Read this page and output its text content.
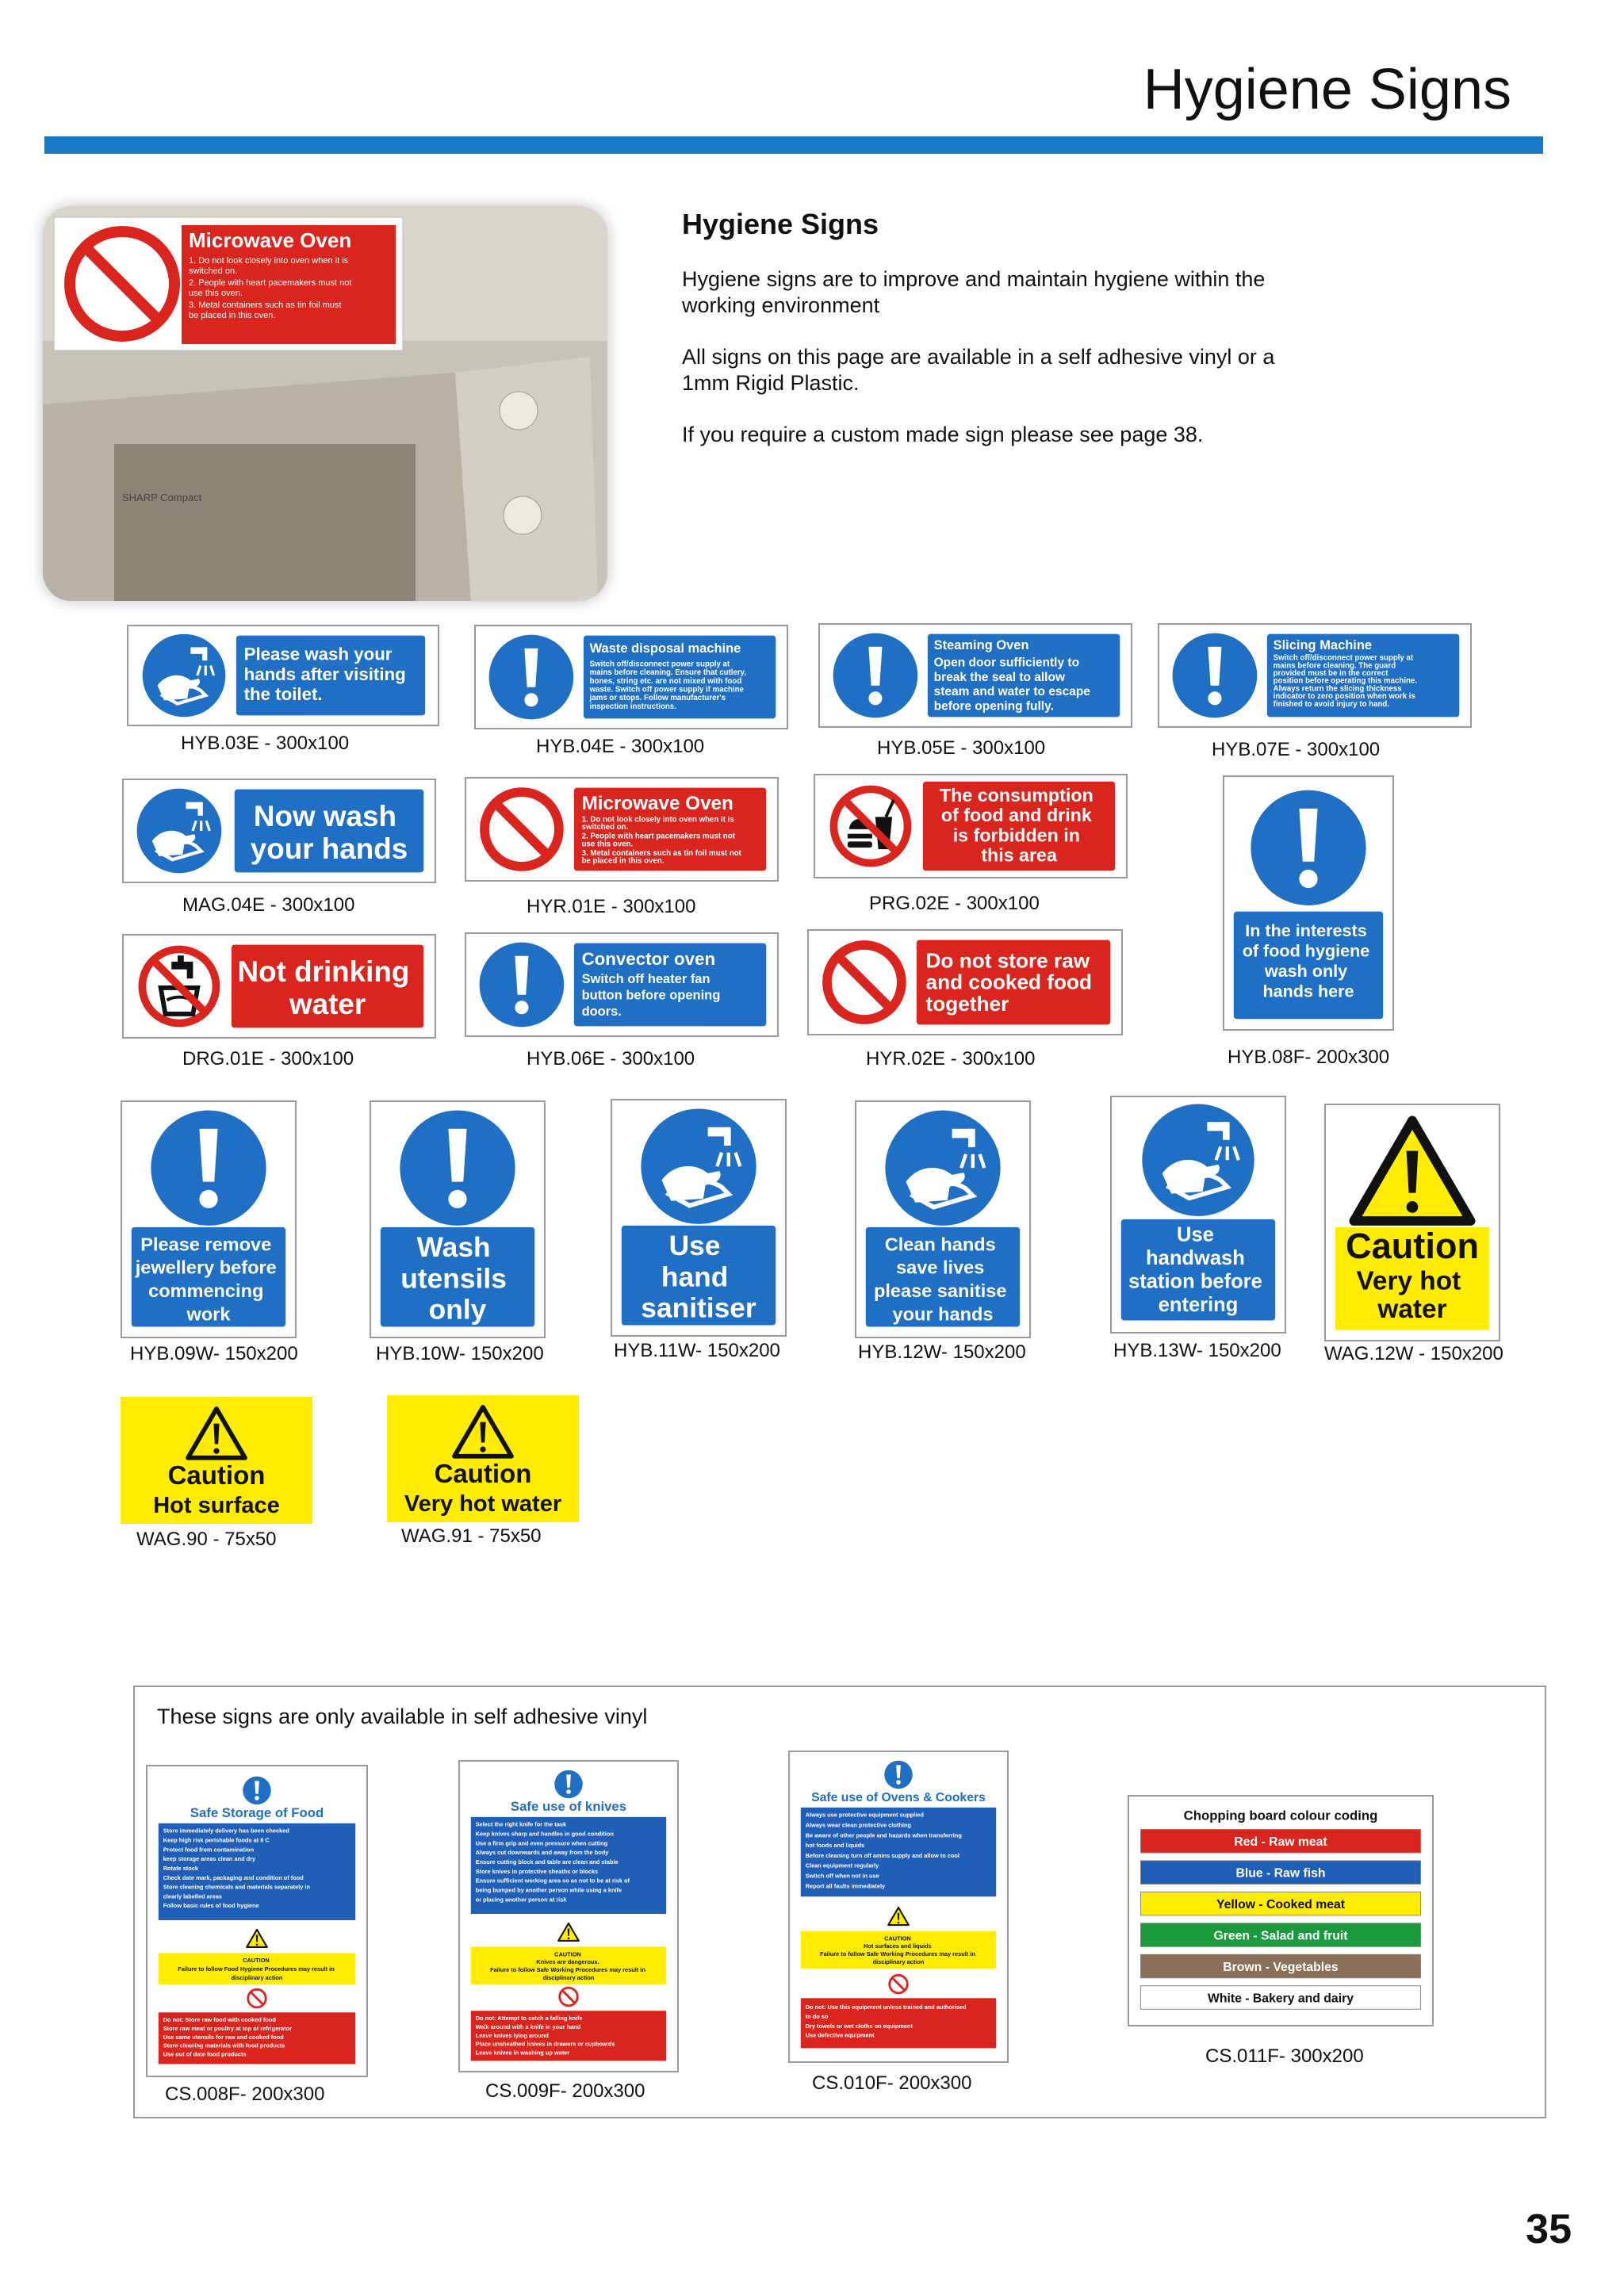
Hygiene Signs
SHARP Compact
Microwave Oven
1. Do not look closely into oven when it is switched on. 2. People with heart pacemakers must not use this oven. 3. Metal containers such as tin foil must be placed in this oven.
Hygiene Signs
Hygiene signs are to improve and maintain hygiene within the working environment
All signs on this page are available in a self adhesive vinyl or a 1mm Rigid Plastic.
If you require a custom made sign please see page 38.
Please wash your hands after visiting the toilet.
HYB.03E - 300x100
Waste disposal machine
Switch off/disconnect power supply at mains before cleaning. Ensure that cutlery, bones, string etc. are not mixed with food waste. Switch off power supply if machine jams or stops. Follow manufacturer's inspection instructions.
HYB.04E - 300x100
Steaming Oven
Open door sufficiently to break the seal to allow steam and water to escape before opening fully.
HYB.05E - 300x100
Slicing Machine
Switch off/disconnect power supply at mains before cleaning. The guard provided must be in the correct position before operating this machine. Always return the slicing thickness indicator to zero position when work is finished to avoid injury to hand.
HYB.07E - 300x100
Now wash your hands
MAG.04E - 300x100
Microwave Oven
1. Do not look closely into oven when it is switched on. 2. People with heart pacemakers must not use this oven. 3. Metal containers such as tin foil must not be placed in this oven.
HYR.01E - 300x100
The consumption of food and drink is forbidden in this area
PRG.02E - 300x100
In the interests of food hygiene wash only hands here
HYB.08F- 200x300
Not drinking water
DRG.01E - 300x100
Convector oven
Switch off heater fan button before opening doors.
HYB.06E - 300x100
Do not store raw and cooked food together
HYR.02E - 300x100
Please remove jewellery before commencing work
HYB.09W- 150x200
Wash utensils only
HYB.10W- 150x200
Use hand sanitiser
HYB.11W- 150x200
Clean hands save lives please sanitise your hands
HYB.12W- 150x200
Use handwash station before entering
HYB.13W- 150x200
Caution
Very hot water
WAG.12W - 150x200
Caution
Hot surface
WAG.90 - 75x50
Caution
Very hot water
WAG.91 - 75x50
These signs are only available in self adhesive vinyl
Safe Storage of Food
Store immediately delivery has been checked Keep high risk perishable foods at 8 C Protect food from contamination keep storage areas clean and dry Rotate stock Check date mark, packaging and condition of food Store cleaning chemicals and materials separately in clearly labelled areas Follow basic rules of food hygiene
CAUTION Failure to follow Food Hygiene Procedures may result in disciplinary action
Do not: Store raw food with cooked food Store raw meat or poultry at top of refrigerator Use same utensils for raw and cooked food Store cleaning materials with food products Use out of date food products
CS.008F- 200x300
Safe use of knives
Select the right knife for the task Keep knives sharp and handles in good condition Use a firm grip and even pressure when cutting Always cut downwards and away from the body Ensure cutting block and table are clean and stable Store knives in protective sheaths or blocks Ensure sufficient working area so as not to be at risk of being bumped by another person while using a knife or placing another person at risk
CAUTION Knives are dangerous. Failure to follow Safe Working Procedures may result in disciplinary action
Do not: Attempt to catch a falling knife Walk around with a knife in your hand Leave knives lying around Place unsheathed knives in drawers or cupboards Leave knives in washing up water
CS.009F- 200x300
Safe use of Ovens & Cookers
Always use protective equipment supplied Always wear clean protective clothing Be aware of other people and hazards when transferring hot foods and liquids Before cleaning turn off amins supply and allow to cool Clean equipment regularly Switch off when not in use Report all faults immediately
CAUTION Hot surfaces and liquids Failure to follow Safe Working Procedures may result in disciplinary action
Do not: Use this equipment unless trained and authorised to do so Dry towels or wet cloths on equipment Use defective equipment
CS.010F- 200x300
Chopping board colour coding
Red - Raw meat
Blue - Raw fish
Yellow - Cooked meat
Green - Salad and fruit
Brown - Vegetables
White - Bakery and dairy
CS.011F- 300x200
35
